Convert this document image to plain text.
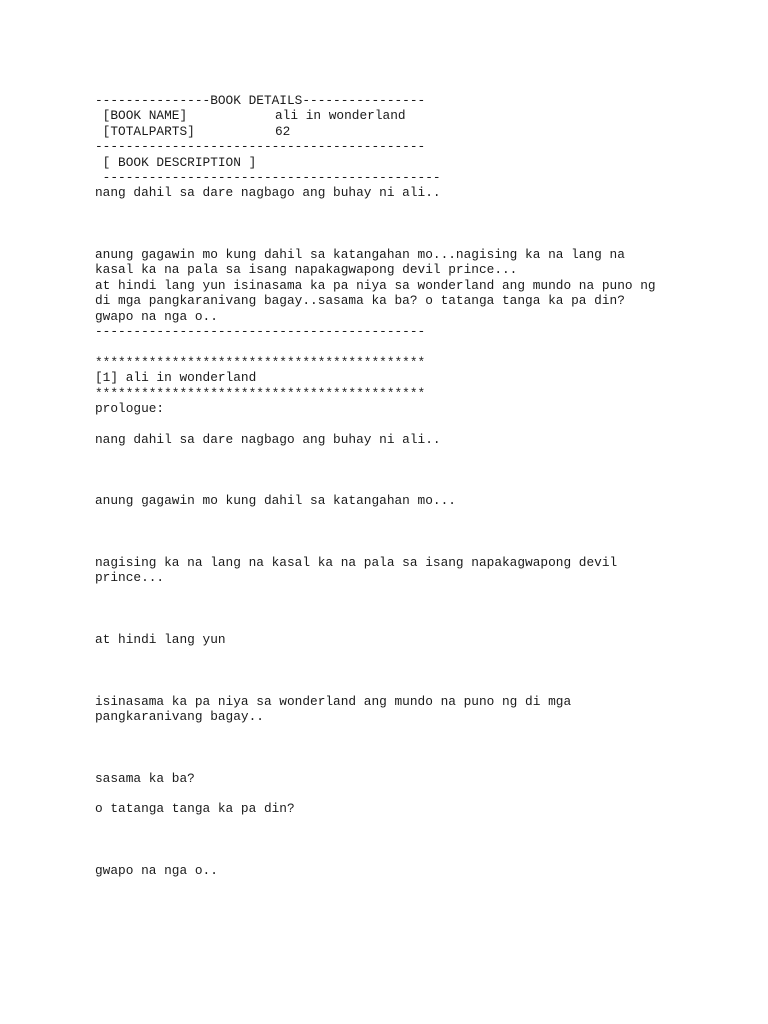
---------------BOOK DETAILS----------------
[BOOK NAME]	ali in wonderland
[TOTALPARTS]	62
-------------------------------------------
[ BOOK DESCRIPTION ]
--------------------------------------------
nang dahil sa dare nagbago ang buhay ni ali..
anung gagawin mo kung dahil sa katangahan mo...nagising ka na lang na
kasal ka na pala sa isang napakagwapong devil prince...
at hindi lang yun isinasama ka pa niya sa wonderland ang mundo na puno ng
di mga pangkaranivang bagay..sasama ka ba? o tatanga tanga ka pa din?
gwapo na nga o..
-------------------------------------------
*******************************************
[1] ali in wonderland
*******************************************
prologue:
nang dahil sa dare nagbago ang buhay ni ali..
anung gagawin mo kung dahil sa katangahan mo...
nagising ka na lang na kasal ka na pala sa isang napakagwapong devil
prince...
at hindi lang yun
isinasama ka pa niya sa wonderland ang mundo na puno ng di mga
pangkaranivang bagay..
sasama ka ba?
o tatanga tanga ka pa din?
gwapo na nga o..
